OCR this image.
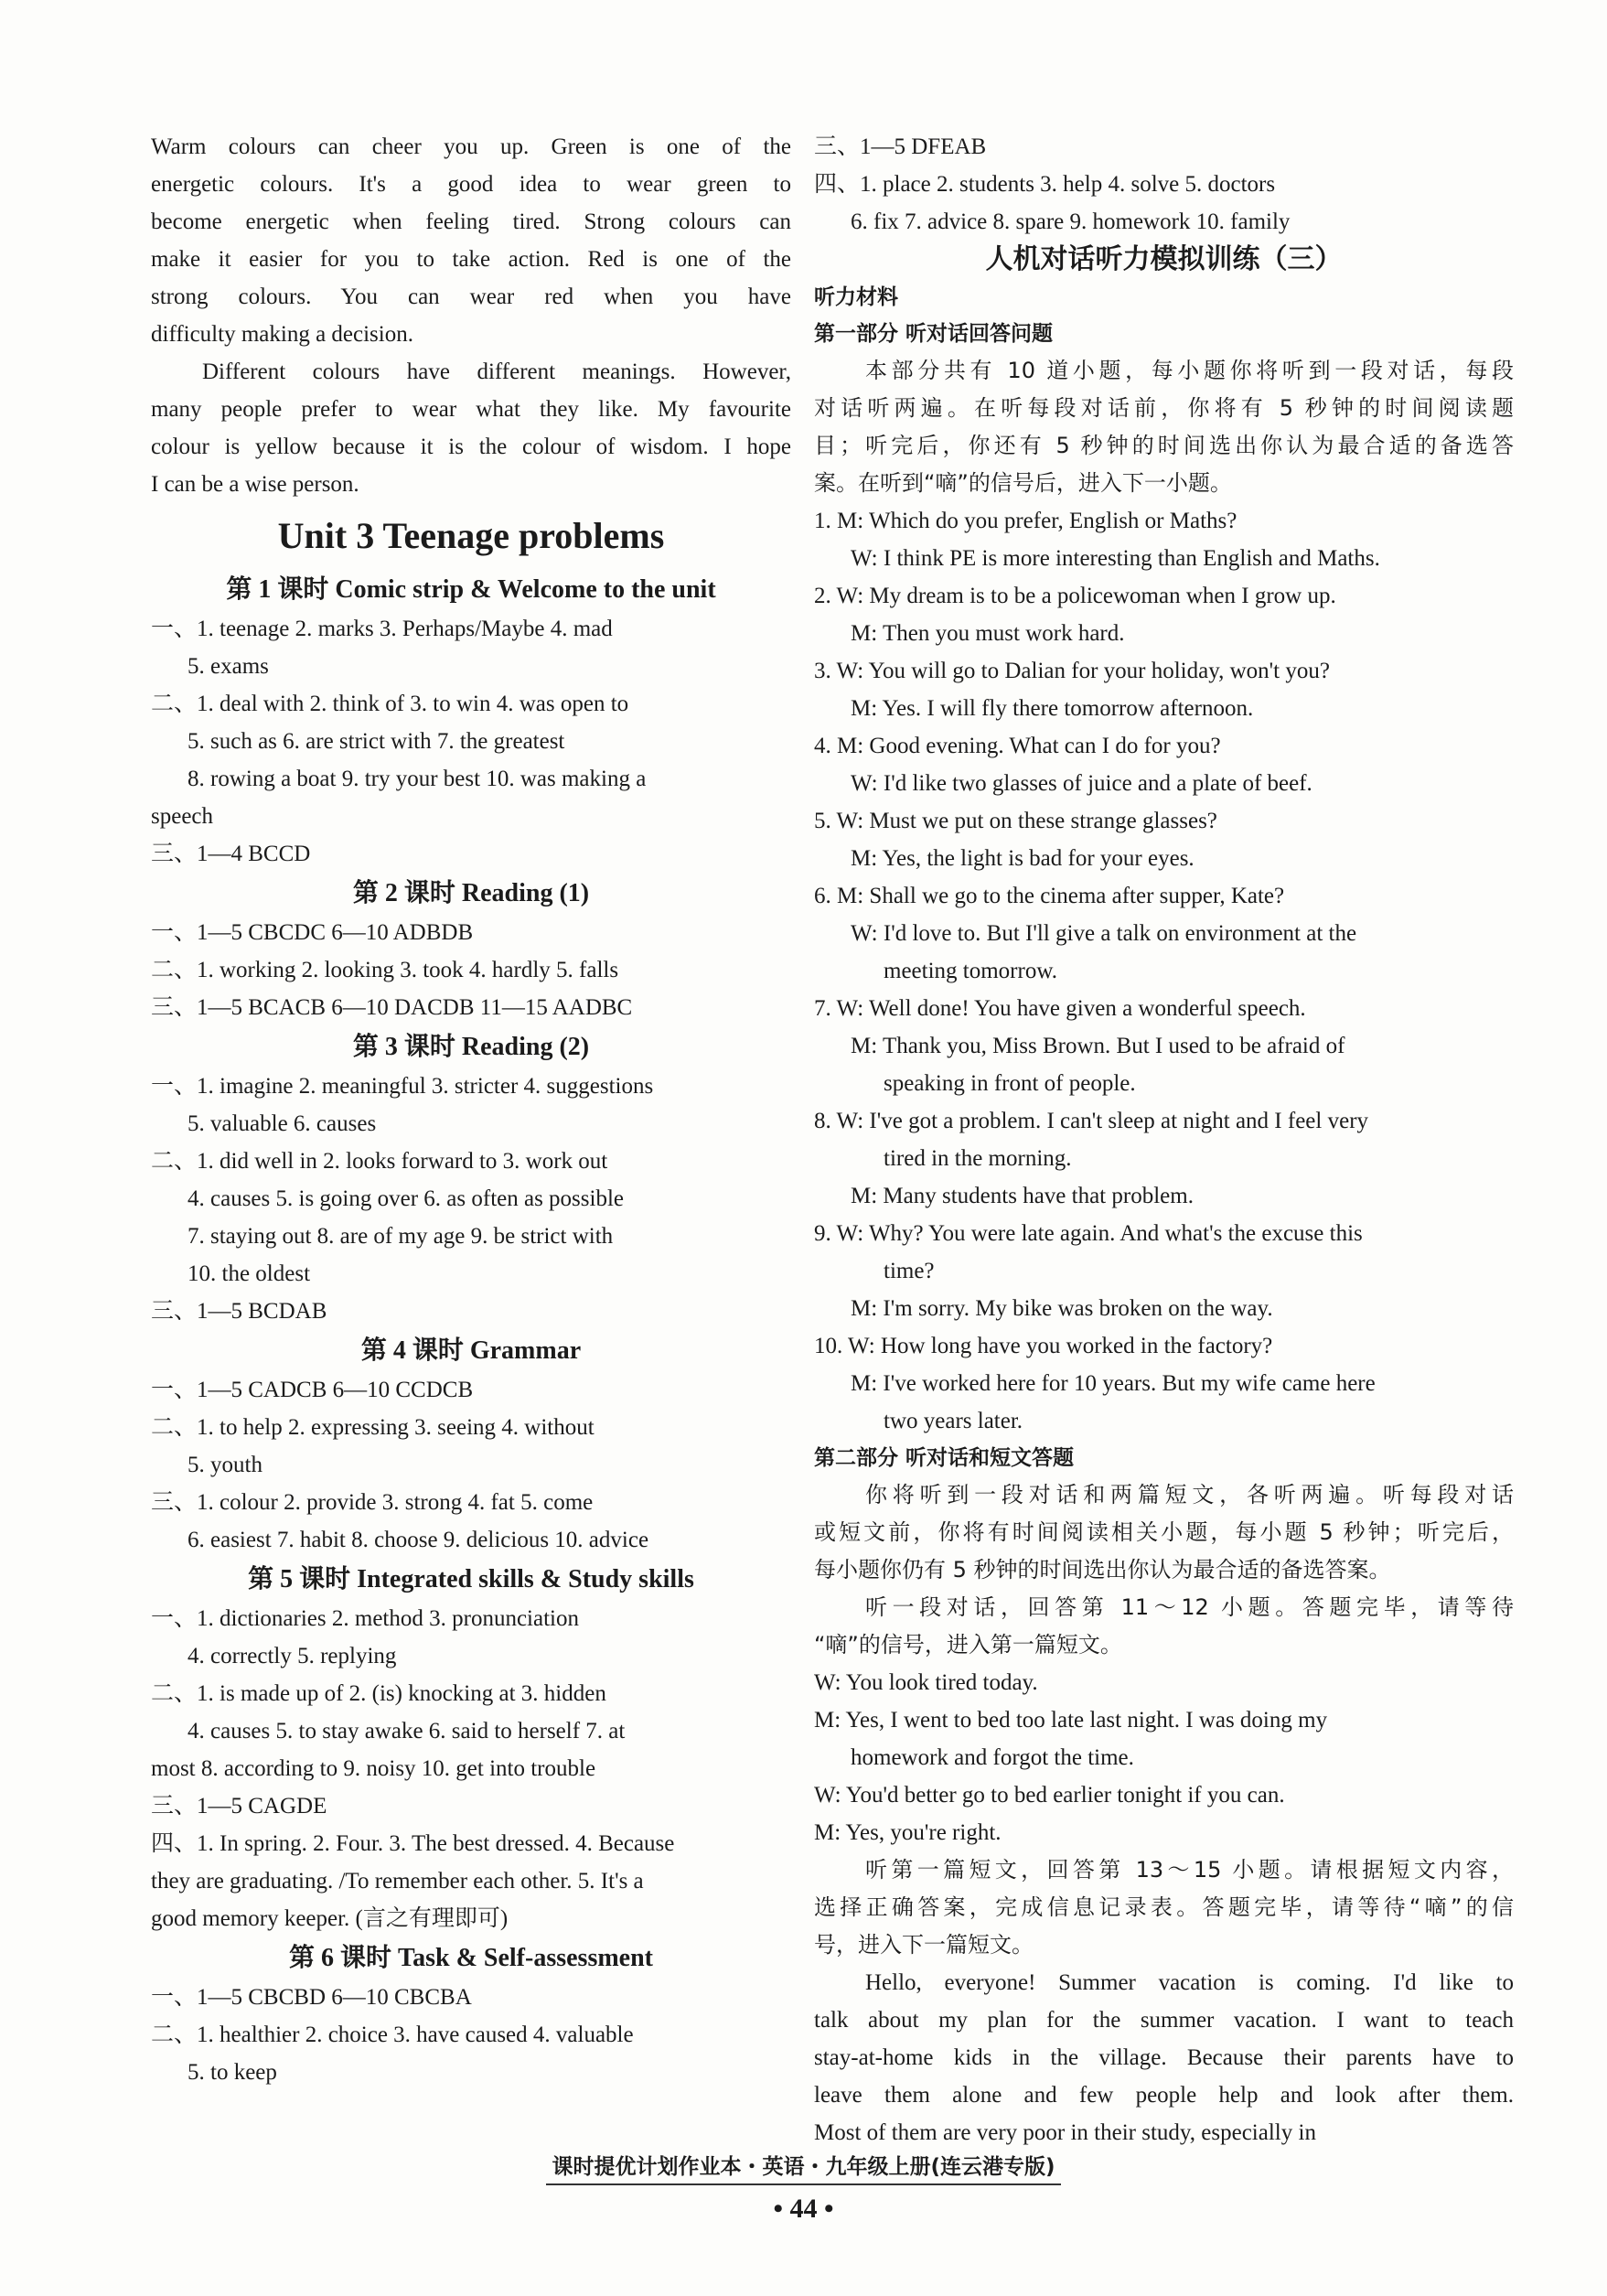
Warm colours can cheer you up. Green is one of the
energetic colours. It's a good idea to wear green to
become energetic when feeling tired. Strong colours can
make it easier for you to take action. Red is one of the
strong colours. You can wear red when you have
difficulty making a decision.
Different colours have different meanings. However,
many people prefer to wear what they like. My favourite
colour is yellow because it is the colour of wisdom. I hope
I can be a wise person.
Unit 3 Teenage problems
第 1 课时 Comic strip & Welcome to the unit
一、1. teenage 2. marks 3. Perhaps/Maybe 4. mad
5. exams
二、1. deal with 2. think of 3. to win 4. was open to
5. such as 6. are strict with 7. the greatest
8. rowing a boat 9. try your best 10. was making a
speech
三、1—4 BCCD
第 2 课时 Reading (1)
一、1—5 CBCDC 6—10 ADBDB
二、1. working 2. looking 3. took 4. hardly 5. falls
三、1—5 BCACB 6—10 DACDB 11—15 AADBC
第 3 课时 Reading (2)
一、1. imagine 2. meaningful 3. stricter 4. suggestions
5. valuable 6. causes
二、1. did well in 2. looks forward to 3. work out
4. causes 5. is going over 6. as often as possible
7. staying out 8. are of my age 9. be strict with
10. the oldest
三、1—5 BCDAB
第 4 课时 Grammar
一、1—5 CADCB 6—10 CCDCB
二、1. to help 2. expressing 3. seeing 4. without
5. youth
三、1. colour 2. provide 3. strong 4. fat 5. come
6. easiest 7. habit 8. choose 9. delicious 10. advice
第 5 课时 Integrated skills & Study skills
一、1. dictionaries 2. method 3. pronunciation
4. correctly 5. replying
二、1. is made up of 2. (is) knocking at 3. hidden
4. causes 5. to stay awake 6. said to herself 7. at
most 8. according to 9. noisy 10. get into trouble
三、1—5 CAGDE
四、1. In spring. 2. Four. 3. The best dressed. 4. Because
they are graduating. /To remember each other. 5. It's a
good memory keeper. (言之有理即可)
第 6 课时 Task & Self-assessment
一、1—5 CBCBD 6—10 CBCBA
二、1. healthier 2. choice 3. have caused 4. valuable
5. to keep
三、1—5 DFEAB
四、1. place 2. students 3. help 4. solve 5. doctors
6. fix 7. advice 8. spare 9. homework 10. family
人机对话听力模拟训练（三）
听力材料
第一部分 听对话回答问题
本部分共有 10 道小题，每小题你将听到一段对话，每段
对话听两遍。在听每段对话前，你将有 5 秒钟的时间阅读题
目；听完后，你还有 5 秒钟的时间选出你认为最合适的备选答
案。在听到“嘀”的信号后，进入下一小题。
1. M: Which do you prefer, English or Maths?
W: I think PE is more interesting than English and Maths.
2. W: My dream is to be a policewoman when I grow up.
M: Then you must work hard.
3. W: You will go to Dalian for your holiday, won't you?
M: Yes. I will fly there tomorrow afternoon.
4. M: Good evening. What can I do for you?
W: I'd like two glasses of juice and a plate of beef.
5. W: Must we put on these strange glasses?
M: Yes, the light is bad for your eyes.
6. M: Shall we go to the cinema after supper, Kate?
W: I'd love to. But I'll give a talk on environment at the
meeting tomorrow.
7. W: Well done! You have given a wonderful speech.
M: Thank you, Miss Brown. But I used to be afraid of
speaking in front of people.
8. W: I've got a problem. I can't sleep at night and I feel very
tired in the morning.
M: Many students have that problem.
9. W: Why? You were late again. And what's the excuse this
time?
M: I'm sorry. My bike was broken on the way.
10. W: How long have you worked in the factory?
M: I've worked here for 10 years. But my wife came here
two years later.
第二部分 听对话和短文答题
你将听到一段对话和两篇短文，各听两遍。听每段对话
或短文前，你将有时间阅读相关小题，每小题 5 秒钟；听完后，
每小题你仍有 5 秒钟的时间选出你认为最合适的备选答案。
听一段对话，回答第 11～12 小题。答题完毕，请等待
“嘀”的信号，进入第一篇短文。
W: You look tired today.
M: Yes, I went to bed too late last night. I was doing my
homework and forgot the time.
W: You'd better go to bed earlier tonight if you can.
M: Yes, you're right.
听第一篇短文，回答第 13～15 小题。请根据短文内容，
选择正确答案，完成信息记录表。答题完毕，请等待“嘀”的信
号，进入下一篇短文。
Hello, everyone! Summer vacation is coming. I'd like to
talk about my plan for the summer vacation. I want to teach
stay-at-home kids in the village. Because their parents have to
leave them alone and few people help and look after them.
Most of them are very poor in their study, especially in
课时提优计划作业本・英语・九年级上册(连云港专版)
• 44 •
